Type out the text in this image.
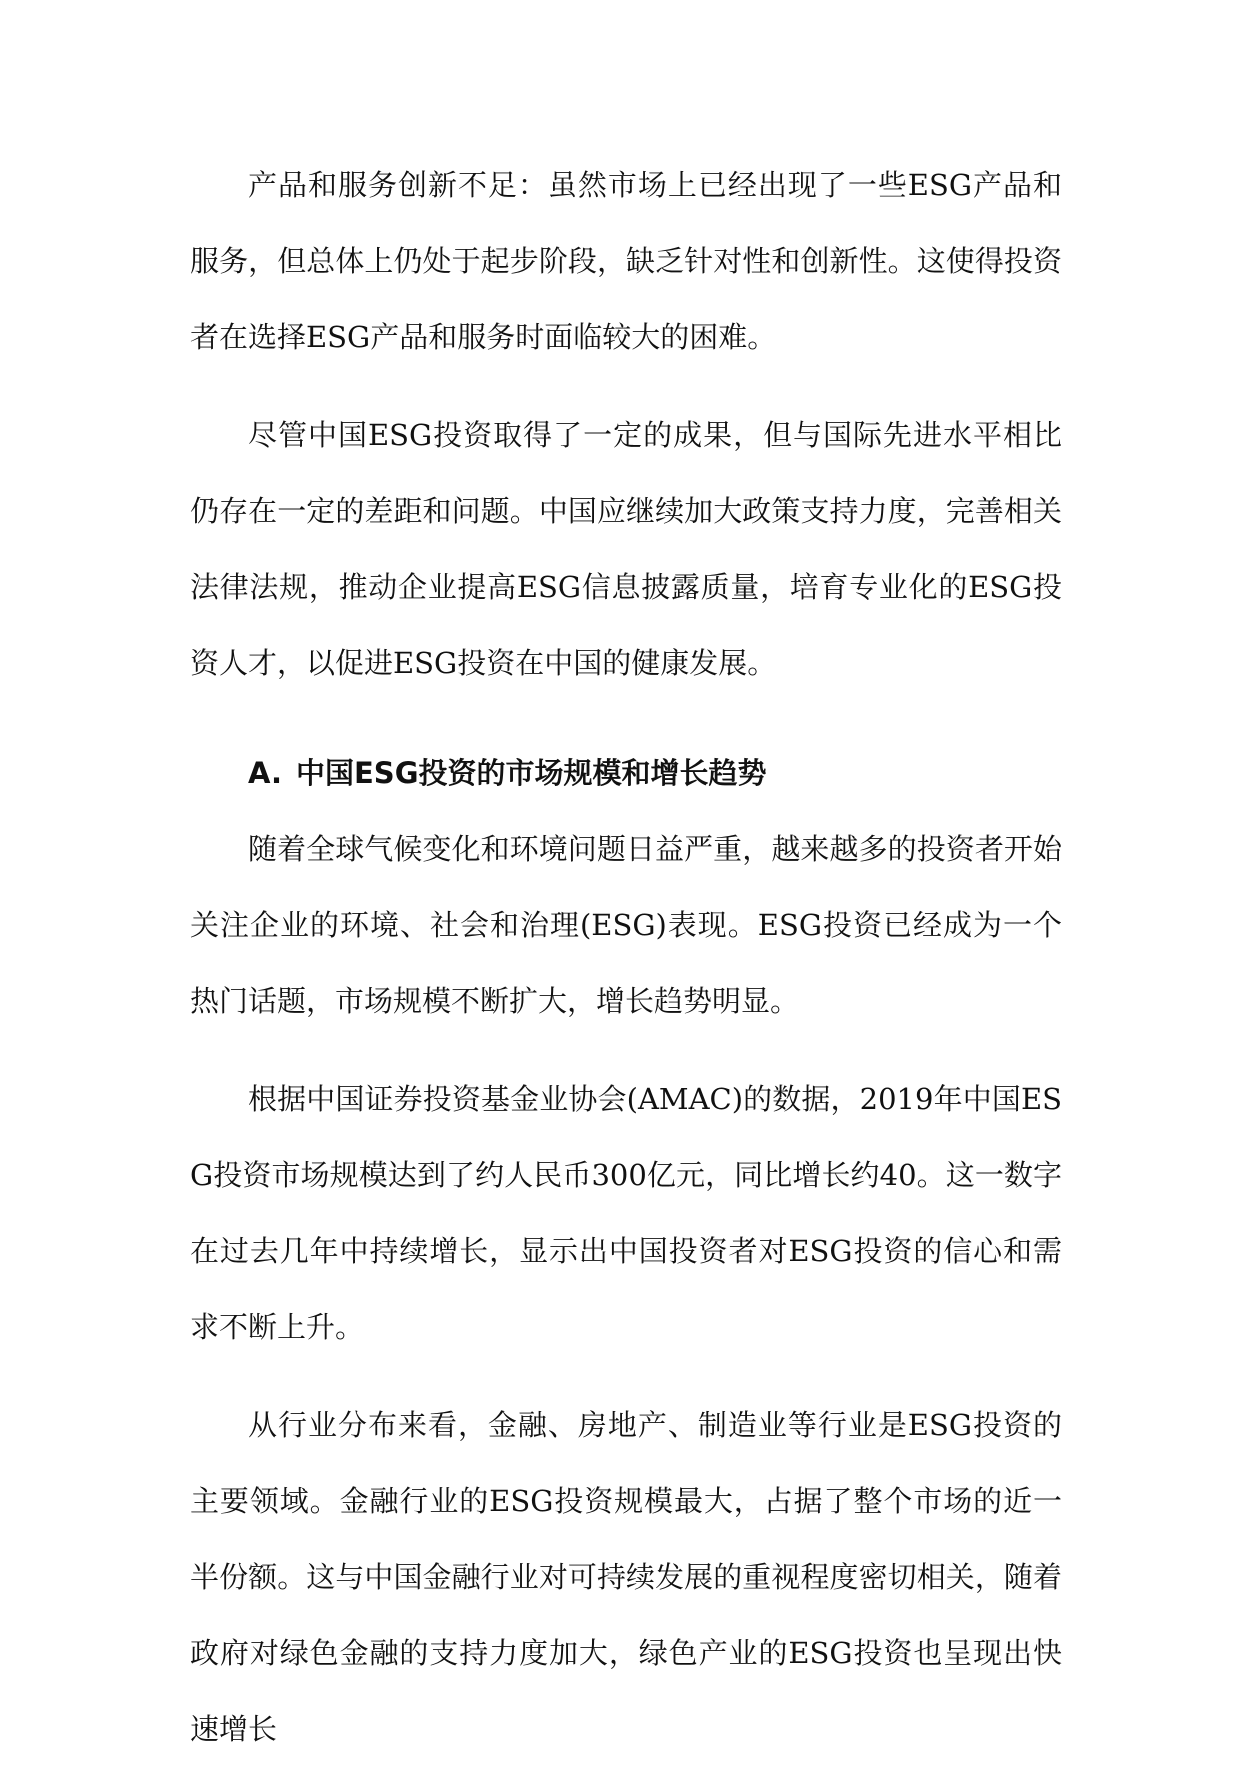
产品和服务创新不足：虽然市场上已经出现了一些ESG产品和服务，但总体上仍处于起步阶段，缺乏针对性和创新性。这使得投资者在选择ESG产品和服务时面临较大的困难。

尽管中国ESG投资取得了一定的成果，但与国际先进水平相比仍存在一定的差距和问题。中国应继续加大政策支持力度，完善相关法律法规，推动企业提高ESG信息披露质量，培育专业化的ESG投资人才，以促进ESG投资在中国的健康发展。

A. 中国ESG投资的市场规模和增长趋势

随着全球气候变化和环境问题日益严重，越来越多的投资者开始关注企业的环境、社会和治理(ESG)表现。ESG投资已经成为一个热门话题，市场规模不断扩大，增长趋势明显。

根据中国证券投资基金业协会(AMAC)的数据，2019年中国ESG投资市场规模达到了约人民币300亿元，同比增长约40。这一数字在过去几年中持续增长，显示出中国投资者对ESG投资的信心和需求不断上升。

从行业分布来看，金融、房地产、制造业等行业是ESG投资的主要领域。金融行业的ESG投资规模最大，占据了整个市场的近一半份额。这与中国金融行业对可持续发展的重视程度密切相关，随着政府对绿色金融的支持力度加大，绿色产业的ESG投资也呈现出快速增长
